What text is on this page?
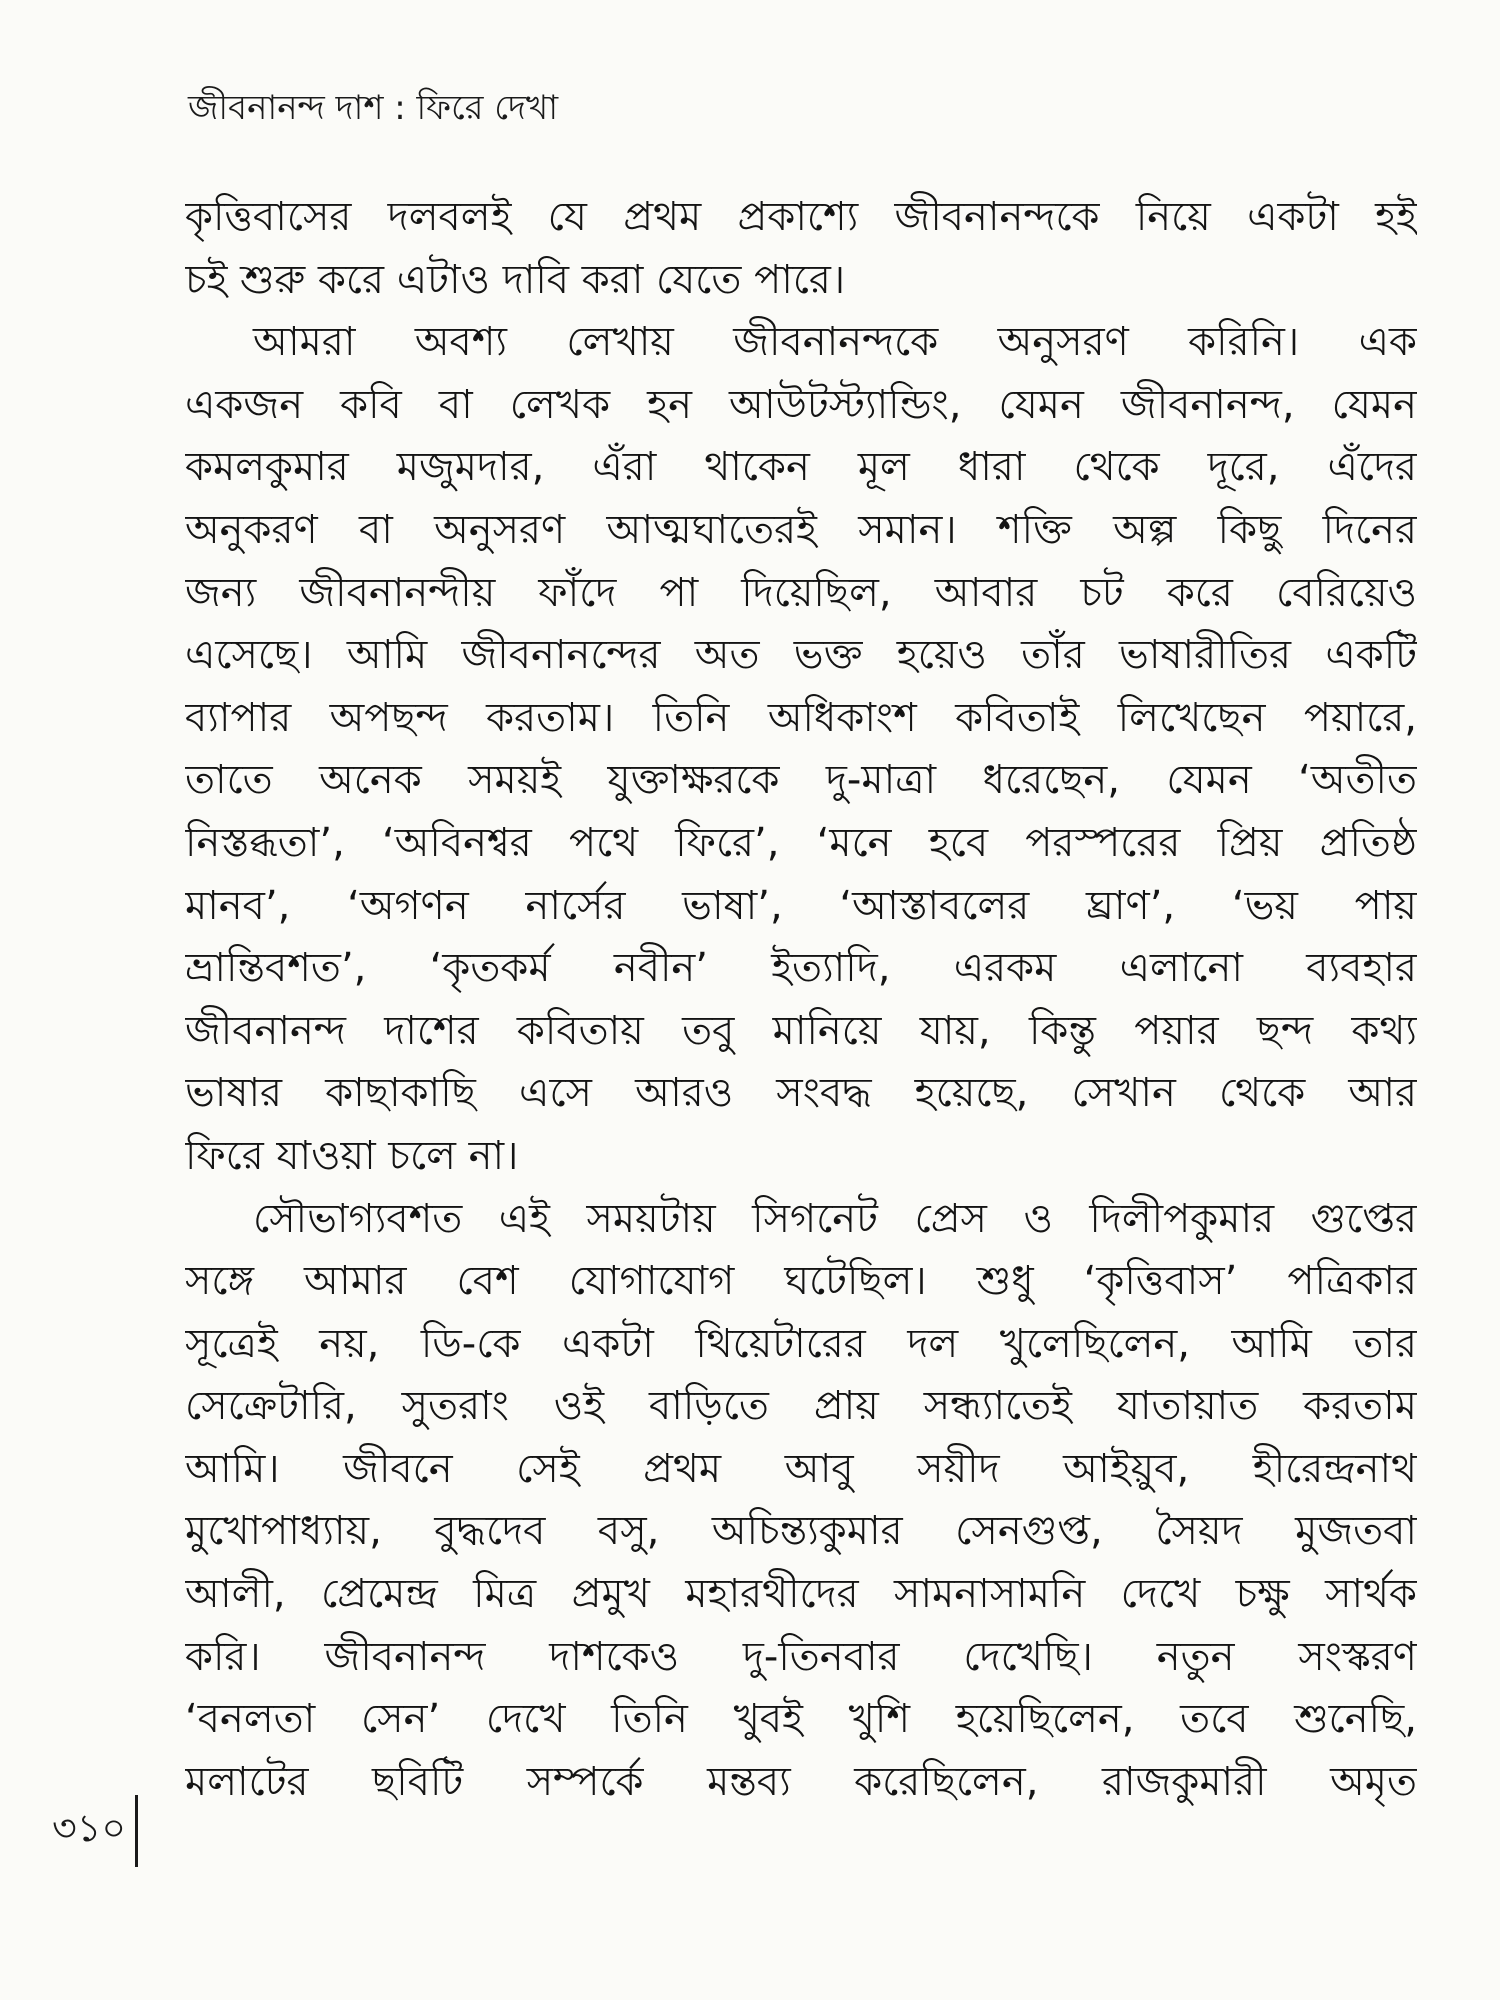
জীবনানন্দ দাশ : ফিরে দেখা
কৃত্তিবাসের দলবলই যে প্রথম প্রকাশ্যে জীবনানন্দকে নিয়ে একটা হই
চই শুরু করে এটাও দাবি করা যেতে পারে।
আমরা অবশ্য লেখায় জীবনানন্দকে অনুসরণ করিনি। এক
একজন কবি বা লেখক হন আউটস্ট্যান্ডিং, যেমন জীবনানন্দ, যেমন
কমলকুমার মজুমদার, এঁরা থাকেন মূল ধারা থেকে দূরে, এঁদের
অনুকরণ বা অনুসরণ আত্মঘাতেরই সমান। শক্তি অল্প কিছু দিনের
জন্য জীবনানন্দীয় ফাঁদে পা দিয়েছিল, আবার চট করে বেরিয়েও
এসেছে। আমি জীবনানন্দের অত ভক্ত হয়েও তাঁর ভাষারীতির একটি
ব্যাপার অপছন্দ করতাম। তিনি অধিকাংশ কবিতাই লিখেছেন পয়ারে,
তাতে অনেক সময়ই যুক্তাক্ষরকে দু-মাত্রা ধরেছেন, যেমন ‘অতীত
নিস্তব্ধতা’, ‘অবিনশ্বর পথে ফিরে’, ‘মনে হবে পরস্পরের প্রিয় প্রতিষ্ঠ
মানব’, ‘অগণন নার্সের ভাষা’, ‘আস্তাবলের ঘ্রাণ’, ‘ভয় পায়
ভ্রান্তিবশত’, ‘কৃতকর্ম নবীন’ ইত্যাদি, এরকম এলানো ব্যবহার
জীবনানন্দ দাশের কবিতায় তবু মানিয়ে যায়, কিন্তু পয়ার ছন্দ কথ্য
ভাষার কাছাকাছি এসে আরও সংবদ্ধ হয়েছে, সেখান থেকে আর
ফিরে যাওয়া চলে না।
সৌভাগ্যবশত এই সময়টায় সিগনেট প্রেস ও দিলীপকুমার গুপ্তের
সঙ্গে আমার বেশ যোগাযোগ ঘটেছিল। শুধু ‘কৃত্তিবাস’ পত্রিকার
সূত্রেই নয়, ডি-কে একটা থিয়েটারের দল খুলেছিলেন, আমি তার
সেক্রেটারি, সুতরাং ওই বাড়িতে প্রায় সন্ধ্যাতেই যাতায়াত করতাম
আমি। জীবনে সেই প্রথম আবু সয়ীদ আইয়ুব, হীরেন্দ্রনাথ
মুখোপাধ্যায়, বুদ্ধদেব বসু, অচিন্ত্যকুমার সেনগুপ্ত, সৈয়দ মুজতবা
আলী, প্রেমেন্দ্র মিত্র প্রমুখ মহারথীদের সামনাসামনি দেখে চক্ষু সার্থক
করি। জীবনানন্দ দাশকেও দু-তিনবার দেখেছি। নতুন সংস্করণ
‘বনলতা সেন’ দেখে তিনি খুবই খুশি হয়েছিলেন, তবে শুনেছি,
মলাটের ছবিটি সম্পর্কে মন্তব্য করেছিলেন, রাজকুমারী অমৃত
৩১০
